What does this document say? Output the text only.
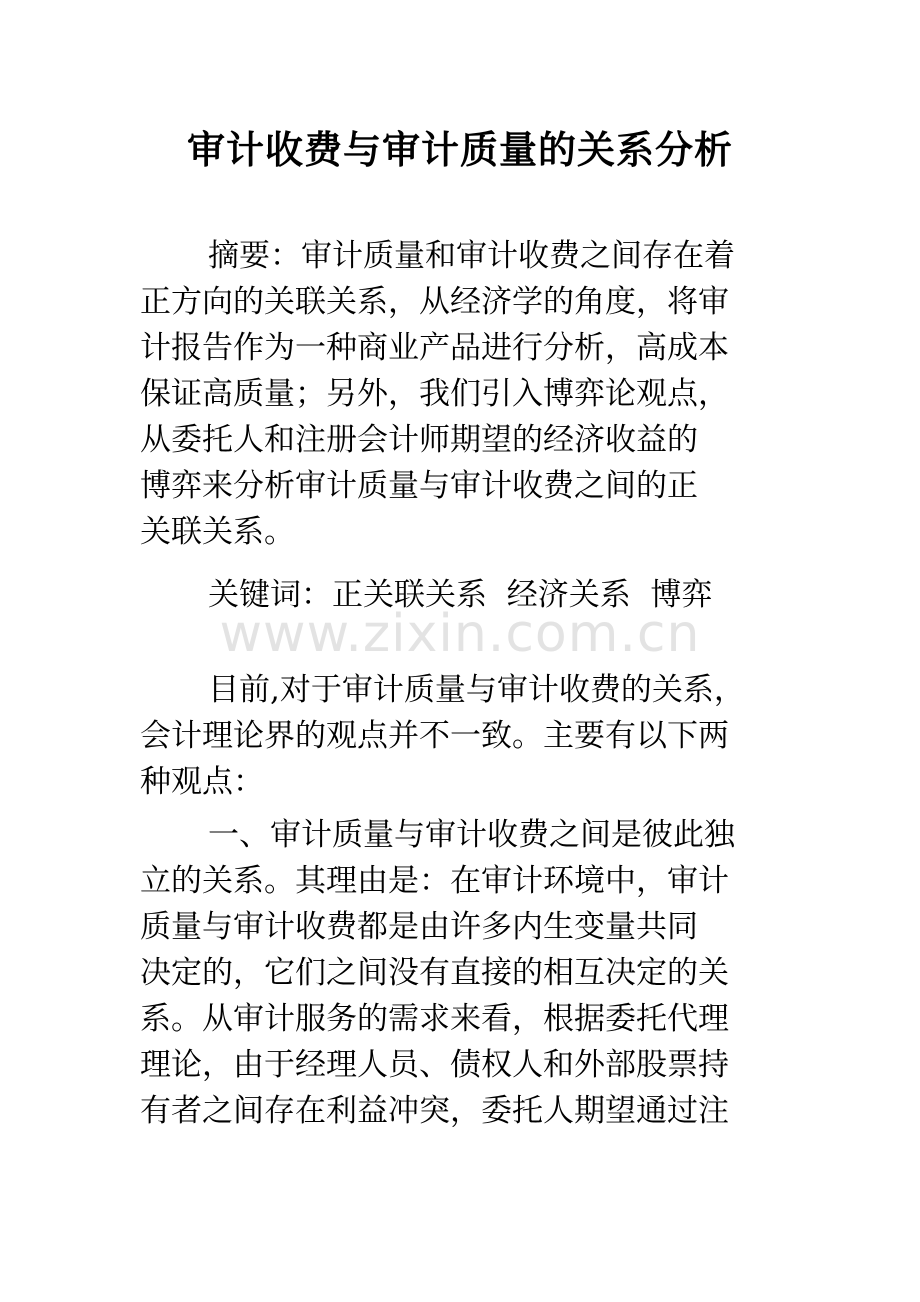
审计收费与审计质量的关系分析
摘要：审计质量和审计收费之间存在着
正方向的关联关系，从经济学的角度，将审
计报告作为一种商业产品进行分析，高成本
保证高质量；另外，我们引入博弈论观点，
从委托人和注册会计师期望的经济收益的
博弈来分析审计质量与审计收费之间的正
关联关系。
关键词：正关联关系  经济关系  博弈
www.zixin.com.cn
目前,对于审计质量与审计收费的关系，
会计理论界的观点并不一致。主要有以下两
种观点：
一、审计质量与审计收费之间是彼此独
立的关系。其理由是：在审计环境中，审计
质量与审计收费都是由许多内生变量共同
决定的，它们之间没有直接的相互决定的关
系。从审计服务的需求来看，根据委托代理
理论，由于经理人员、债权人和外部股票持
有者之间存在利益冲突，委托人期望通过注
